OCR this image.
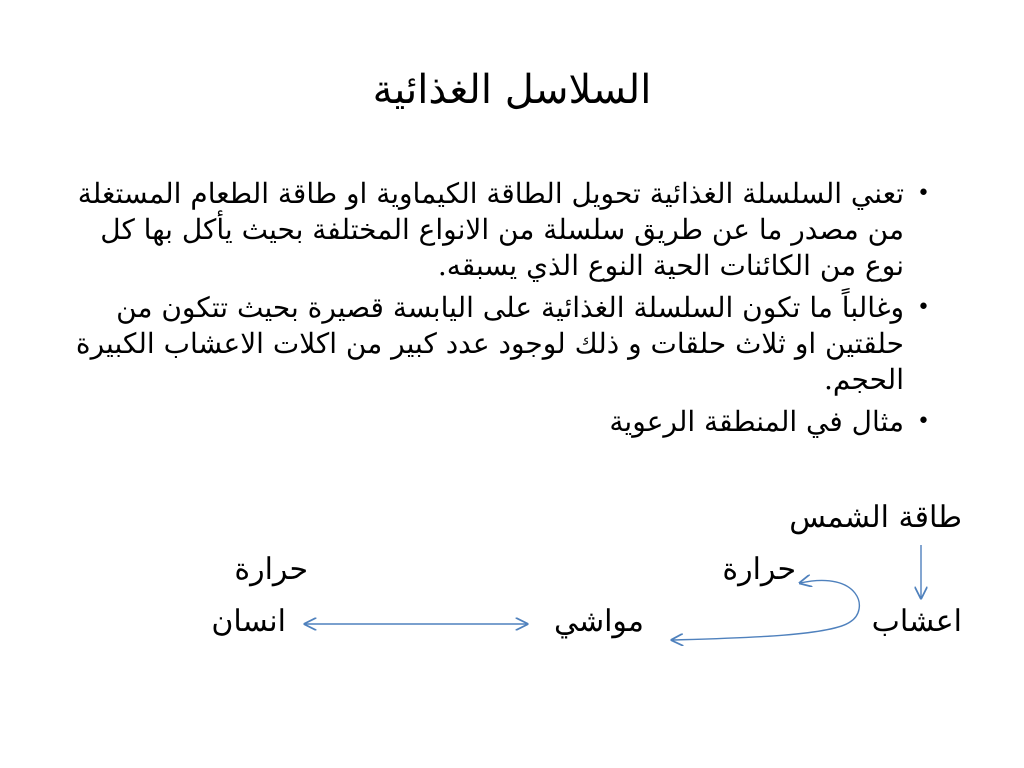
السلاسل الغذائية
•
تعني السلسلة الغذائية تحويل الطاقة الكيماوية او طاقة الطعام المستغلة من مصدر ما عن طريق سلسلة من الانواع المختلفة بحيث يأكل بها كل نوع من الكائنات الحية النوع الذي يسبقه.
•
وغالباً ما تكون السلسلة الغذائية على اليابسة قصيرة بحيث تتكون من حلقتين او ثلاث حلقات و ذلك لوجود عدد كبير من اكلات الاعشاب الكبيرة الحجم.
•
مثال في المنطقة الرعوية
طاقة الشمس
حرارة
حرارة
اعشاب
مواشي
انسان
